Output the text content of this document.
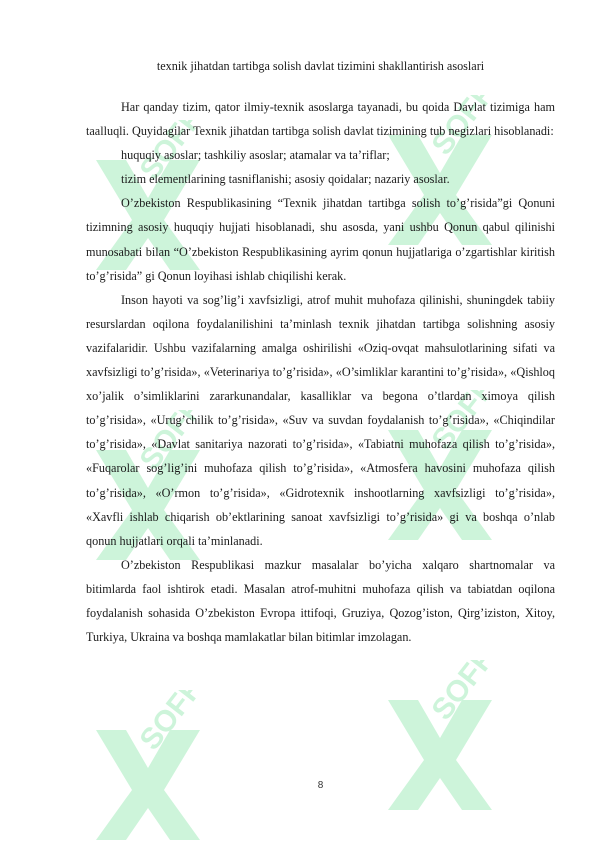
SOFF	SOFF
SOFF	SOFF
SOFF	SOFF
texnik jihatdan tartibga solish davlat tizimini shakllantirish asoslari

Har qanday tizim, qator ilmiy-texnik asoslarga tayanadi, bu qoida Davlat tizimiga ham taalluqli. Quyidagilar Texnik jihatdan tartibga solish davlat tizimining tub negizlari hisoblanadi:

huquqiy asoslar; tashkiliy asoslar; atamalar va ta’riflar;

tizim elementlarining tasniflanishi; asosiy qoidalar; nazariy asoslar.

O’zbekiston Respublikasining “Texnik jihatdan tartibga solish to’g’risida”gi Qonuni tizimning asosiy huquqiy hujjati hisoblanadi, shu asosda, yani ushbu Qonun qabul qilinishi munosabati bilan “O’zbekiston Respublikasining ayrim qonun hujjatlariga o’zgartishlar kiritish to’g’risida” gi Qonun loyihasi ishlab chiqilishi kerak.

Inson hayoti va sog’lig’i xavfsizligi, atrof muhit muhofaza qilinishi, shuningdek tabiiy resurslardan oqilona foydalanilishini ta’minlash texnik jihatdan tartibga solishning asosiy vazifalaridir. Ushbu vazifalarning amalga oshirilishi «Oziq-ovqat mahsulotlarining sifati va xavfsizligi to’g’risida», «Veterinariya to’g’risida», «O’simliklar karantini to’g’risida», «Qishloq xo’jalik o’simliklarini zararkunandalar, kasalliklar va begona o’tlardan ximoya qilish to’g’risida», «Urug’chilik to’g’risida», «Suv va suvdan foydalanish to’g’risida», «Chiqindilar to’g’risida», «Davlat sanitariya nazorati to’g’risida», «Tabiatni muhofaza qilish to’g’risida», «Fuqarolar sog’lig’ini muhofaza qilish to’g’risida», «Atmosfera havosini muhofaza qilish to’g’risida», «O’rmon to’g’risida», «Gidrotexnik inshootlarning xavfsizligi to’g’risida», «Xavfli ishlab chiqarish ob’ektlarining sanoat xavfsizligi to’g’risida» gi va boshqa o’nlab qonun hujjatlari orqali ta’minlanadi.

O’zbekiston Respublikasi mazkur masalalar bo’yicha xalqaro shartnomalar va bitimlarda faol ishtirok etadi. Masalan atrof-muhitni muhofaza qilish va tabiatdan oqilona foydalanish sohasida O’zbekiston Evropa ittifoqi, Gruziya, Qozog’iston, Qirg’iziston, Xitoy, Turkiya, Ukraina va boshqa mamlakatlar bilan bitimlar imzolagan.

8
